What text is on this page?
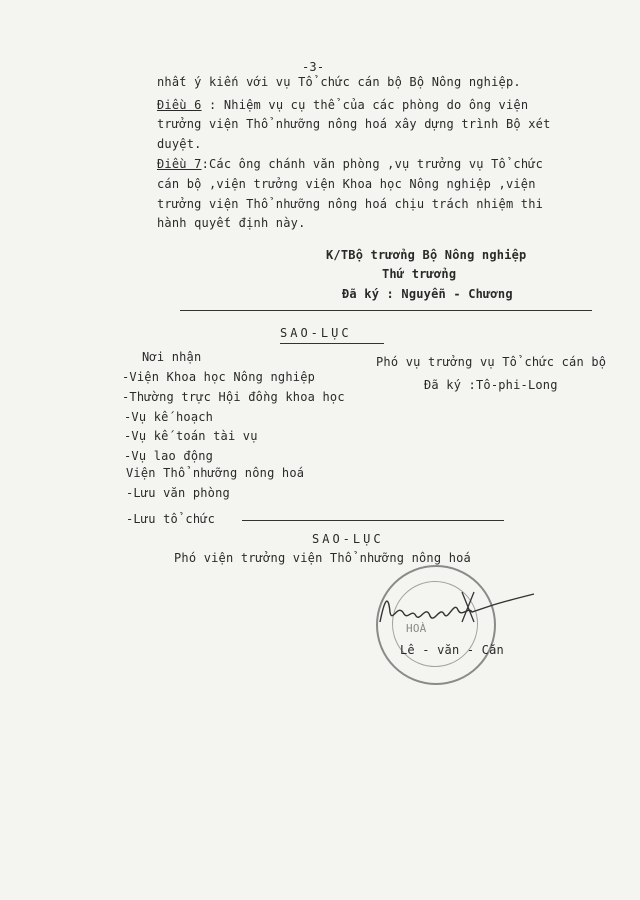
-3-
nhất ý kiến với vụ Tổ chức cán bộ Bộ Nông nghiệp.
Điều 6 : Nhiệm vụ cụ thể của các phòng do ông viện
trưởng viện Thổ nhưỡng nông hoá xây dựng trình Bộ xét
duyệt.
Điều 7:Các ông chánh văn phòng ,vụ trưởng vụ Tổ chức
cán bộ ,viện trưởng viện Khoa học Nông nghiệp ,viện
trưởng viện Thổ nhưỡng nông hoá chịu trách nhiệm thi
hành quyết định này.
K/TBộ trưởng Bộ Nông nghiệp
Thứ trưởng
Đã ký : Nguyễn - Chương
SAO-LỤC
Nơi nhận
-Viện Khoa học Nông nghiệp
-Thường trực Hội đồng khoa học
-Vụ kế hoạch
-Vụ kế toán tài vụ
-Vụ lao động
Viện Thổ nhưỡng nông hoá
-Lưu văn phòng
-Lưu tổ chức
Phó vụ trưởng vụ Tổ chức cán bộ
Đã ký :Tô-phi-Long
SAO-LỤC
Phó viện trưởng viện Thổ nhưỡng nông hoá
HOÀ
Lê - văn - Căn
